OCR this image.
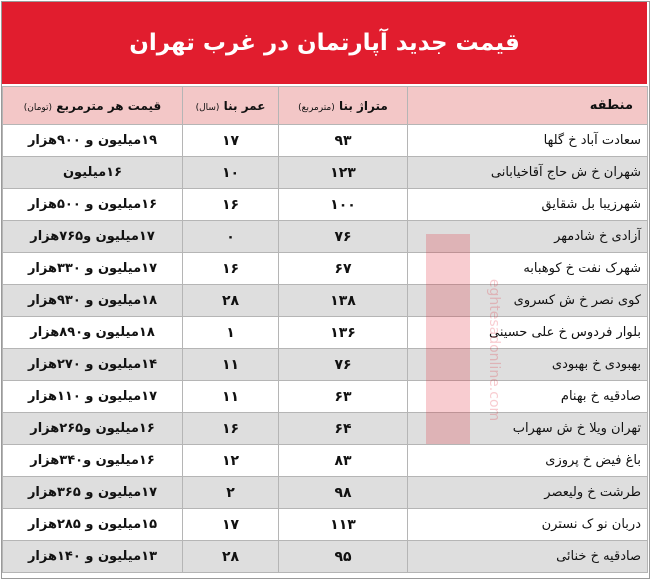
قیمت جدید آپارتمان در غرب تهران
منطقه	متراژ بنا (مترمربع)	عمر بنا (سال)	قیمت هر مترمربع (تومان)
سعادت آباد خ گلها	۹۳	۱۷	۱۹میلیون و ۹۰۰هزار
شهران خ ش حاج آقاخیابانی	۱۲۳	۱۰	۱۶میلیون
شهرزیبا بل شقایق	۱۰۰	۱۶	۱۶میلیون و ۵۰۰هزار
آزادی خ شادمهر	۷۶	۰	۱۷میلیون و۷۶۵هزار
شهرک نفت خ کوهبابه	۶۷	۱۶	۱۷میلیون و ۳۳۰هزار
کوی نصر خ ش کسروی	۱۳۸	۲۸	۱۸میلیون و ۹۳۰هزار
بلوار فردوس خ علی حسینی	۱۳۶	۱	۱۸میلیون و۸۹۰هزار
بهبودی خ بهبودی	۷۶	۱۱	۱۴میلیون و ۲۷۰هزار
صادقیه خ بهنام	۶۳	۱۱	۱۷میلیون و ۱۱۰هزار
تهران ویلا خ ش سهراب	۶۴	۱۶	۱۶میلیون و۲۶۵هزار
باغ فیض خ پروزی	۸۳	۱۲	۱۶میلیون و۳۴۰هزار
طرشت خ ولیعصر	۹۸	۲	۱۷میلیون و ۳۶۵هزار
دربان نو ک نسترن	۱۱۳	۱۷	۱۵میلیون و ۲۸۵هزار
صادقیه خ خنائی	۹۵	۲۸	۱۳میلیون و ۱۴۰هزار
eghtesadonline.com
